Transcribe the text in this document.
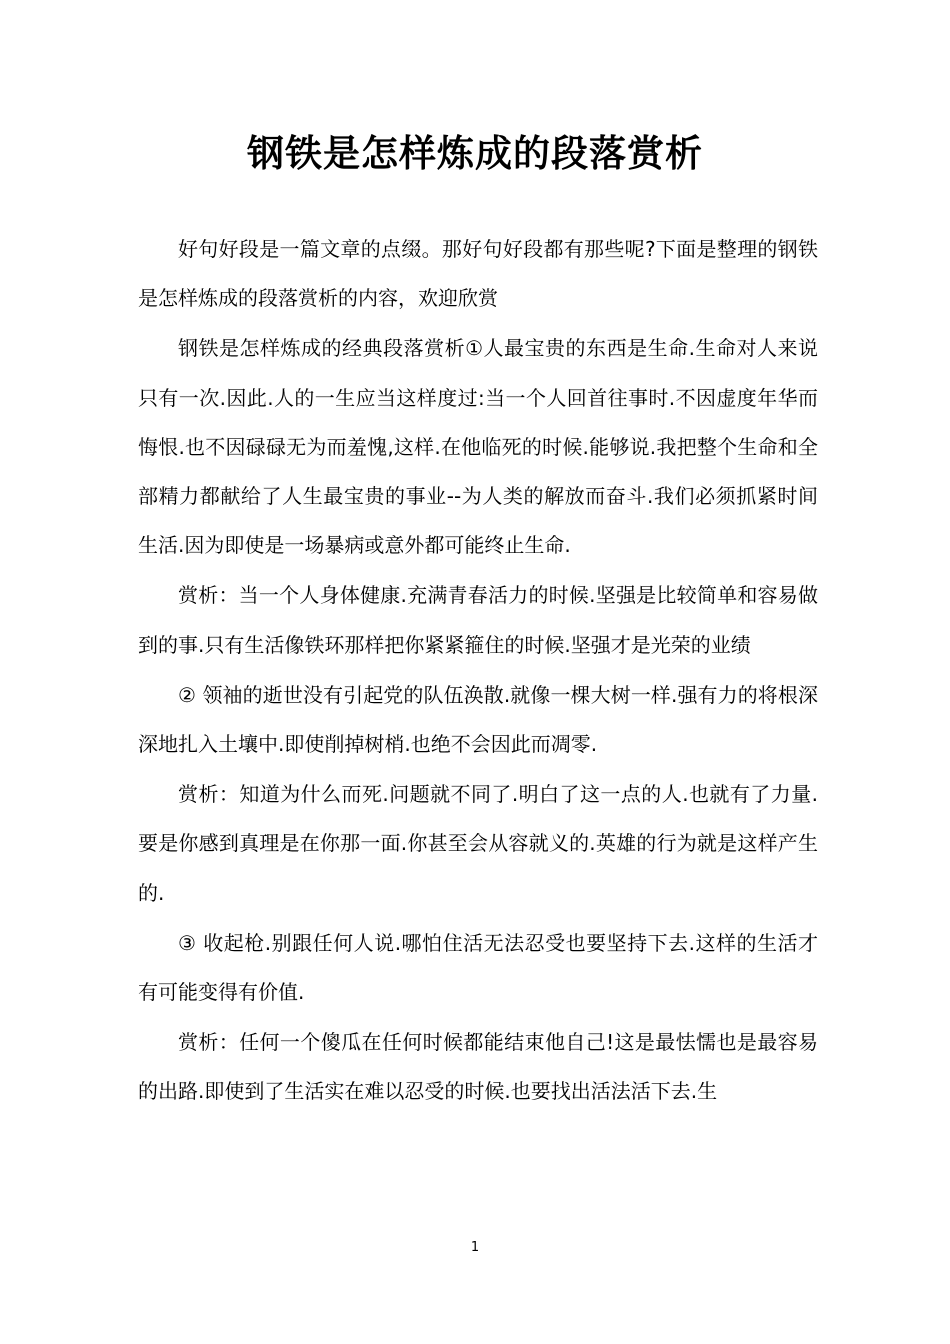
钢铁是怎样炼成的段落赏析

好句好段是一篇文章的点缀。那好句好段都有那些呢?下面是整理的钢铁是怎样炼成的段落赏析的内容，欢迎欣赏

钢铁是怎样炼成的经典段落赏析①人最宝贵的东西是生命.生命对人来说只有一次.因此.人的一生应当这样度过:当一个人回首往事时.不因虚度年华而悔恨.也不因碌碌无为而羞愧,这样.在他临死的时候.能够说.我把整个生命和全部精力都献给了人生最宝贵的事业--为人类的解放而奋斗.我们必须抓紧时间生活.因为即使是一场暴病或意外都可能终止生命.

赏析：当一个人身体健康.充满青春活力的时候.坚强是比较简单和容易做到的事.只有生活像铁环那样把你紧紧箍住的时候.坚强才是光荣的业绩

② 领袖的逝世没有引起党的队伍涣散.就像一棵大树一样.强有力的将根深深地扎入土壤中.即使削掉树梢.也绝不会因此而凋零.

赏析：知道为什么而死.问题就不同了.明白了这一点的人.也就有了力量.要是你感到真理是在你那一面.你甚至会从容就义的.英雄的行为就是这样产生的.

③ 收起枪.别跟任何人说.哪怕住活无法忍受也要坚持下去.这样的生活才有可能变得有价值.

赏析：任何一个傻瓜在任何时候都能结束他自己!这是最怯懦也是最容易的出路.即使到了生活实在难以忍受的时候.也要找出活法活下去.生

1
